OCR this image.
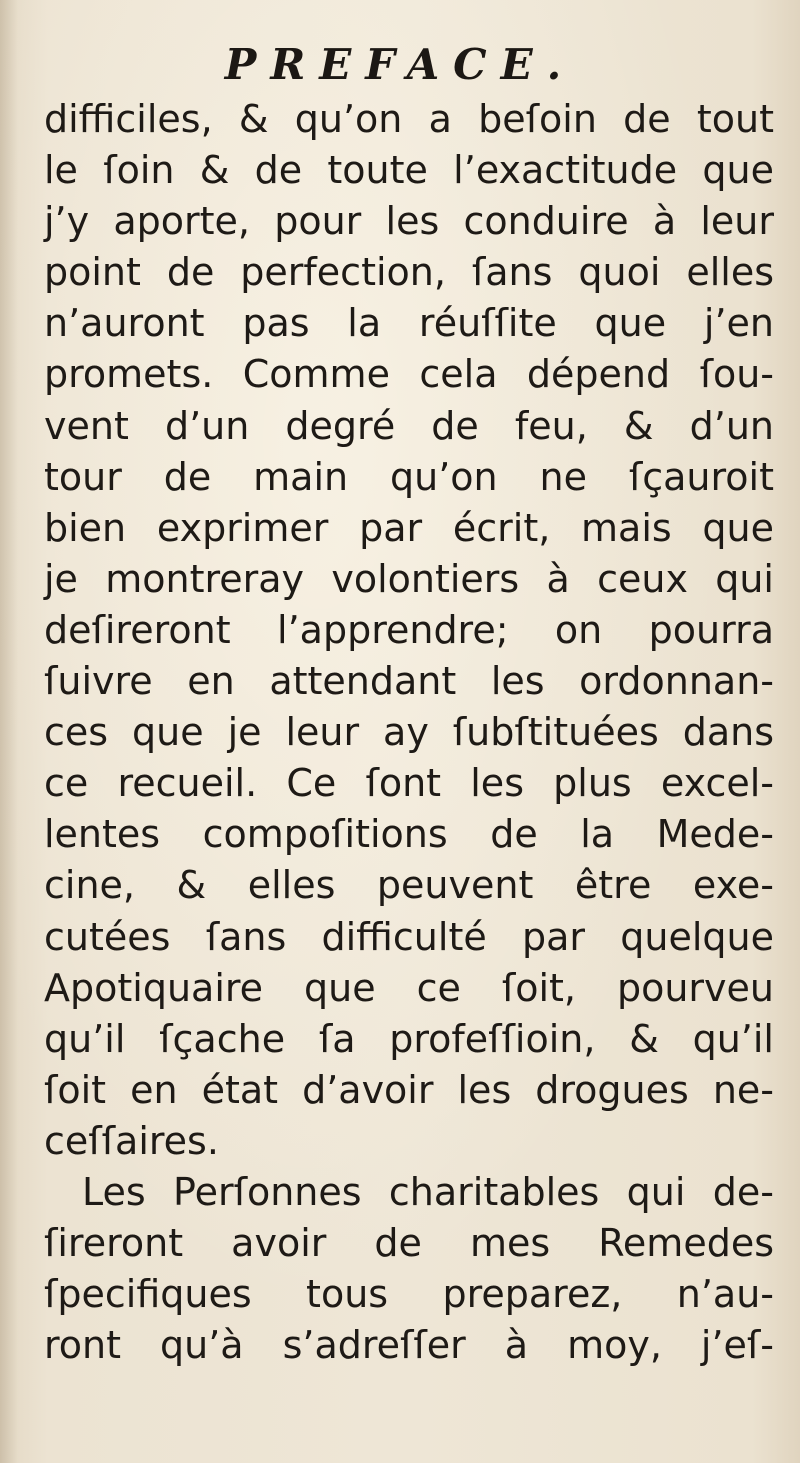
PREFACE.
difficiles, & qu’on a beſoin de tout
le ſoin & de toute l’exactitude que
j’y aporte, pour les conduire à leur
point de perfection, ſans quoi elles
n’auront pas la réuſſite que j’en
promets. Comme cela dépend ſou-
vent d’un degré de feu, & d’un
tour de main qu’on ne ſçauroit
bien exprimer par écrit, mais que
je montreray volontiers à ceux qui
deſireront l’apprendre; on pourra
ſuivre en attendant les ordonnan-
ces que je leur ay ſubſtituées dans
ce recueil. Ce ſont les plus excel-
lentes compoſitions de la Mede-
cine, & elles peuvent être exe-
cutées ſans difficulté par quelque
Apotiquaire que ce ſoit, pourveu
qu’il ſçache ſa profeſſioin, & qu’il
ſoit en état d’avoir les drogues ne-
ceſſaires.
Les Perſonnes charitables qui de-
ſireront avoir de mes Remedes
ſpecifiques tous preparez, n’au-
ront qu’à s’adreſſer à moy, j’eſ-
